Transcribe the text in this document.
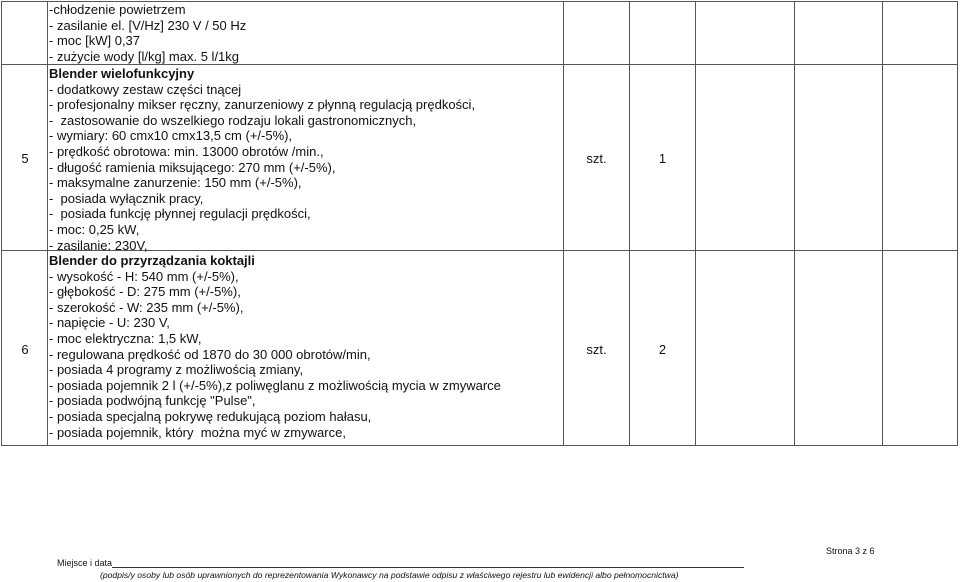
-chłodzenie powietrzem
- zasilanie el. [V/Hz] 230 V / 50 Hz
- moc [kW] 0,37
- zużycie wody [l/kg] max. 5 l/1kg
5
Blender wielofunkcyjny
- dodatkowy zestaw części tnącej
- profesjonalny mikser ręczny, zanurzeniowy z płynną regulacją prędkości,
-  zastosowanie do wszelkiego rodzaju lokali gastronomicznych,
- wymiary: 60 cmx10 cmx13,5 cm (+/-5%),
- prędkość obrotowa: min. 13000 obrotów /min.,
- długość ramienia miksującego: 270 mm (+/-5%),
- maksymalne zanurzenie: 150 mm (+/-5%),
-  posiada wyłącznik pracy,
-  posiada funkcję płynnej regulacji prędkości,
- moc: 0,25 kW,
- zasilanie: 230V,
szt.	1
6
Blender do przyrządzania koktajli
- wysokość - H: 540 mm (+/-5%),
- głębokość - D: 275 mm (+/-5%),
- szerokość - W: 235 mm (+/-5%),
- napięcie - U: 230 V,
- moc elektryczna: 1,5 kW,
- regulowana prędkość od 1870 do 30 000 obrotów/min,
- posiada 4 programy z możliwością zmiany,
- posiada pojemnik 2 l (+/-5%),z poliwęglanu z możliwością mycia w zmywarce
- posiada podwójną funkcję "Pulse",
- posiada specjalną pokrywę redukującą poziom hałasu,
- posiada pojemnik, który  można myć w zmywarce,
szt.	2
Strona 3 z 6
Miejsce i data
(podpis/y osoby lub osób uprawnionych do reprezentowania Wykonawcy na podstawie odpisu z właściwego rejestru lub ewidencji albo pełnomocnictwa)
